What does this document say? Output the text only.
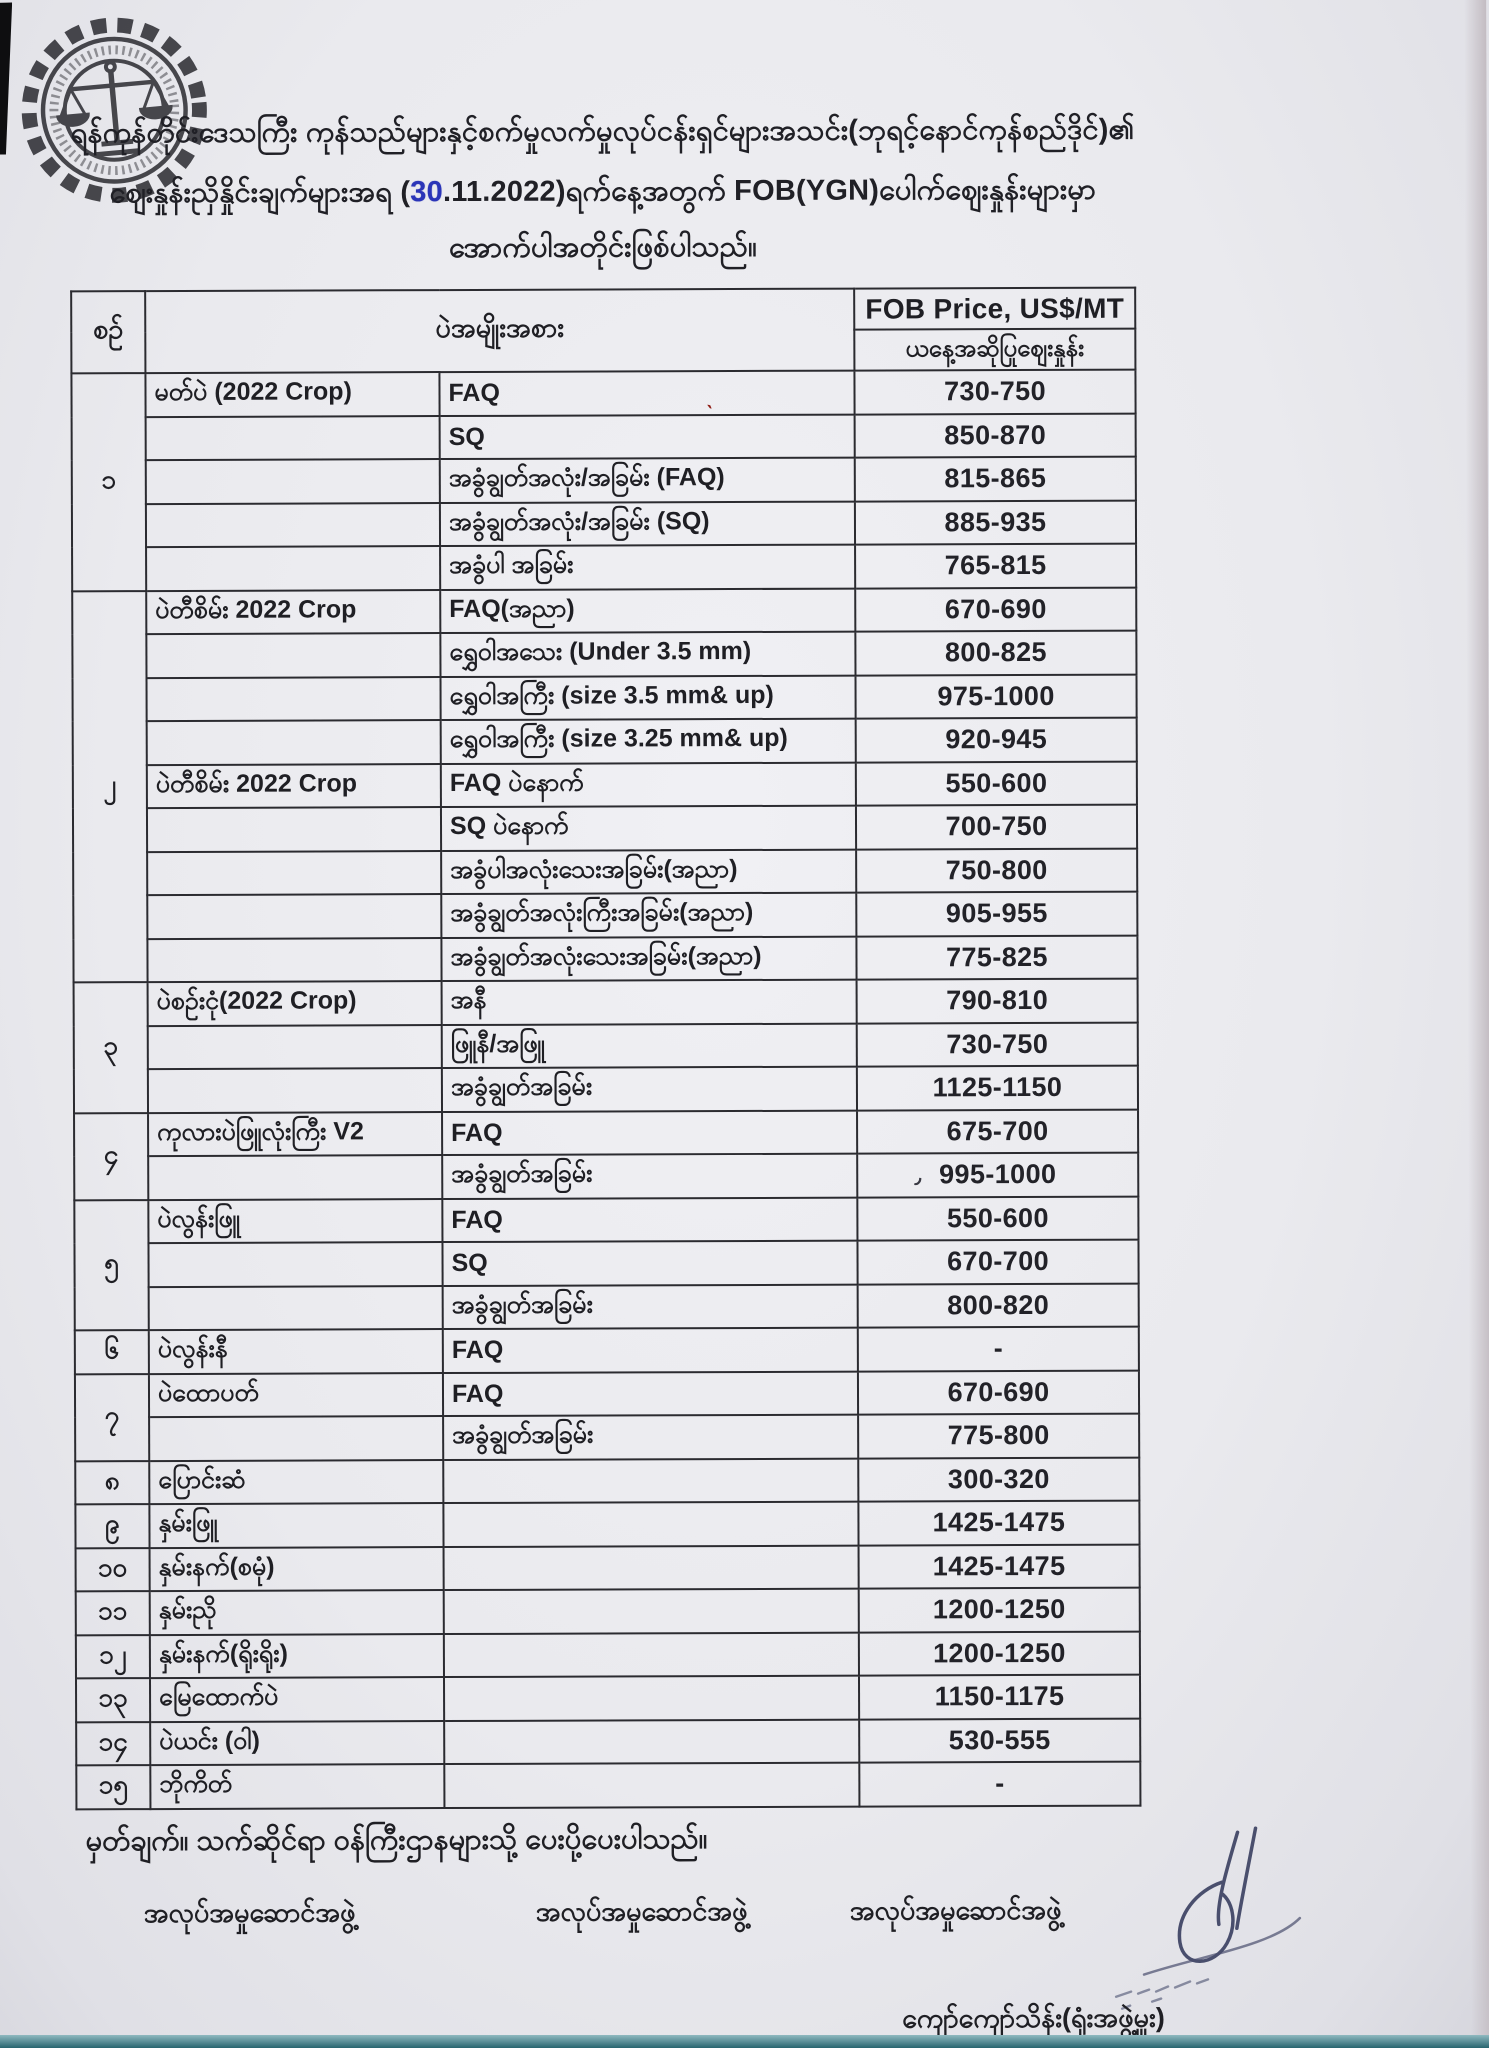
ရန်ကုန်တိုင်းဒေသကြီး ကုန်သည်များနှင့်စက်မှုလက်မှုလုပ်ငန်းရှင်များအသင်း(ဘုရင့်နောင်ကုန်စည်ဒိုင်)၏
ဈေးနှုန်းညှိနှိုင်းချက်များအရ (30.11.2022)ရက်နေ့အတွက် FOB(YGN)ပေါက်ဈေးနှုန်းများမှာ
အောက်ပါအတိုင်းဖြစ်ပါသည်။
စဉ်	ပဲအမျိုးအစား		FOB Price, US$/MT
			ယနေ့အဆိုပြုဈေးနှုန်း
၁	မတ်ပဲ (2022 Crop)	FAQ	730-750
		SQ	850-870
		အခွံချွတ်အလုံး/အခြမ်း (FAQ)	815-865
		အခွံချွတ်အလုံး/အခြမ်း (SQ)	885-935
		အခွံပါ အခြမ်း	765-815
၂	ပဲတီစိမ်း 2022 Crop	FAQ(အညာ)	670-690
		ရွှေဝါအသေး (Under 3.5 mm)	800-825
		ရွှေဝါအကြီး (size 3.5 mm& up)	975-1000
		ရွှေဝါအကြီး (size 3.25 mm& up)	920-945
	ပဲတီစိမ်း 2022 Crop	FAQ ပဲနောက်	550-600
		SQ ပဲနောက်	700-750
		အခွံပါအလုံးသေးအခြမ်း(အညာ)	750-800
		အခွံချွတ်အလုံးကြီးအခြမ်း(အညာ)	905-955
		အခွံချွတ်အလုံးသေးအခြမ်း(အညာ)	775-825
၃	ပဲစဉ်းငုံ(2022 Crop)	အနီ	790-810
		ဖြူနီ/အဖြူ	730-750
		အခွံချွတ်အခြမ်း	1125-1150
၄	ကုလားပဲဖြူလုံးကြီး V2	FAQ	675-700
		အခွံချွတ်အခြမ်း	995-1000
၅	ပဲလွန်းဖြူ	FAQ	550-600
		SQ	670-700
		အခွံချွတ်အခြမ်း	800-820
၆	ပဲလွန်းနီ	FAQ	-
၇	ပဲထောပတ်	FAQ	670-690
		အခွံချွတ်အခြမ်း	775-800
၈	ပြောင်းဆံ		300-320
၉	နှမ်းဖြူ		1425-1475
၁၀	နှမ်းနက်(စမုံ)		1425-1475
၁၁	နှမ်းညို		1200-1250
၁၂	နှမ်းနက်(ရိုးရိုး)		1200-1250
၁၃	မြေထောက်ပဲ		1150-1175
၁၄	ပဲယင်း (ဝါ)		530-555
၁၅	ဘိုကိတ်		-
ˎ
٫
မှတ်ချက်။ သက်ဆိုင်ရာ ဝန်ကြီးဌာနများသို့ ပေးပို့ပေးပါသည်။
အလုပ်အမှုဆောင်အဖွဲ့	အလုပ်အမှုဆောင်အဖွဲ့	အလုပ်အမှုဆောင်အဖွဲ့
ကျော်ကျော်သိန်း(ရုံးအဖွဲ့မှူး)
